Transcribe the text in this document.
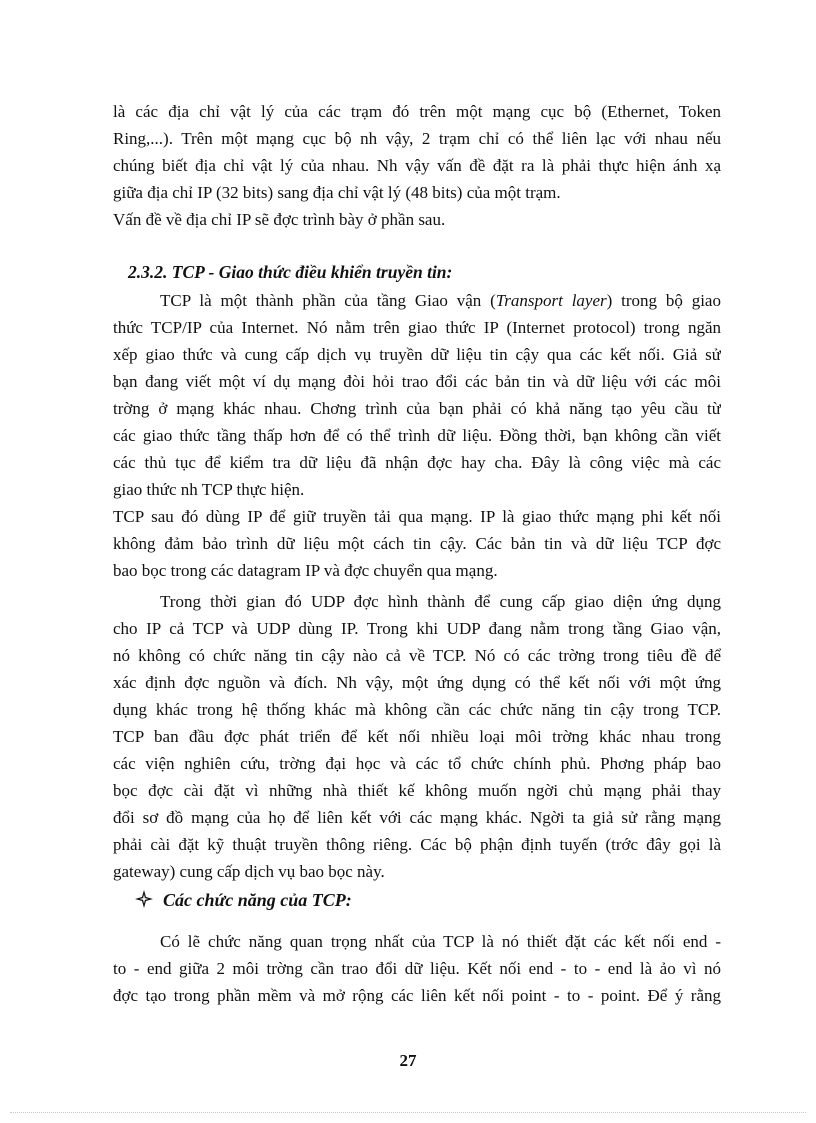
là các địa chỉ vật lý của các trạm đó trên một mạng cục bộ (Ethernet, Token
Ring,...). Trên một mạng cục bộ nh vậy, 2 trạm chỉ có thể liên lạc với nhau nếu
chúng biết địa chỉ vật lý của nhau. Nh vậy vấn đề đặt ra là phải thực hiện ánh xạ
giữa địa chỉ IP (32 bits) sang địa chỉ vật lý (48 bits) của một trạm.
Vấn đề về địa chỉ IP sẽ đợc trình bày ở phần sau.
2.3.2. TCP - Giao thức điều khiển truyền tin:
TCP là một thành phần của tầng Giao vận (Transport layer) trong bộ giao
thức TCP/IP của Internet. Nó nằm trên giao thức IP (Internet protocol) trong ngăn
xếp giao thức và cung cấp dịch vụ truyền dữ liệu tin cậy qua các kết nối. Giả sử
bạn đang viết một ví dụ mạng đòi hỏi trao đổi các bản tin và dữ liệu với các môi
trờng ở mạng khác nhau. Chơng trình của bạn phải có khả năng tạo yêu cầu từ
các giao thức tầng thấp hơn để có thể trình dữ liệu. Đồng thời, bạn không cần viết
các thủ tục để kiểm tra dữ liệu đã nhận đợc hay cha. Đây là công việc mà các
giao thức nh TCP thực hiện.
TCP sau đó dùng IP để giữ truyền tải qua mạng. IP là giao thức mạng phi kết nối
không đảm bảo trình dữ liệu một cách tin cậy. Các bản tin và dữ liệu TCP đợc
bao bọc trong các datagram IP và đợc chuyển qua mạng.
Trong thời gian đó UDP đợc hình thành để cung cấp giao diện ứng dụng
cho IP cả TCP và UDP dùng IP. Trong khi UDP đang nằm trong tầng Giao vận,
nó không có chức năng tin cậy nào cả về TCP. Nó có các trờng trong tiêu đề để
xác định đợc nguồn và đích. Nh vậy, một ứng dụng có thể kết nối với một ứng
dụng khác trong hệ thống khác mà không cần các chức năng tin cậy trong TCP.
TCP ban đầu đợc phát triển để kết nối nhiều loại môi trờng khác nhau trong
các viện nghiên cứu, trờng đại học và các tổ chức chính phủ. Phơng pháp bao
bọc đợc cài đặt vì những nhà thiết kế không muốn ngời chủ mạng phải thay
đổi sơ đồ mạng của họ để liên kết với các mạng khác. Ngời ta giả sử rằng mạng
phải cài đặt kỹ thuật truyền thông riêng. Các bộ phận định tuyến (trớc đây gọi là
gateway) cung cấp dịch vụ bao bọc này.
Các chức năng của TCP:
Có lẽ chức năng quan trọng nhất của TCP là nó thiết đặt các kết nối end -
to - end giữa 2 môi trờng cần trao đổi dữ liệu. Kết nối end - to - end là ảo vì nó
đợc tạo trong phần mềm và mở rộng các liên kết nối point - to - point. Để ý rằng
27
